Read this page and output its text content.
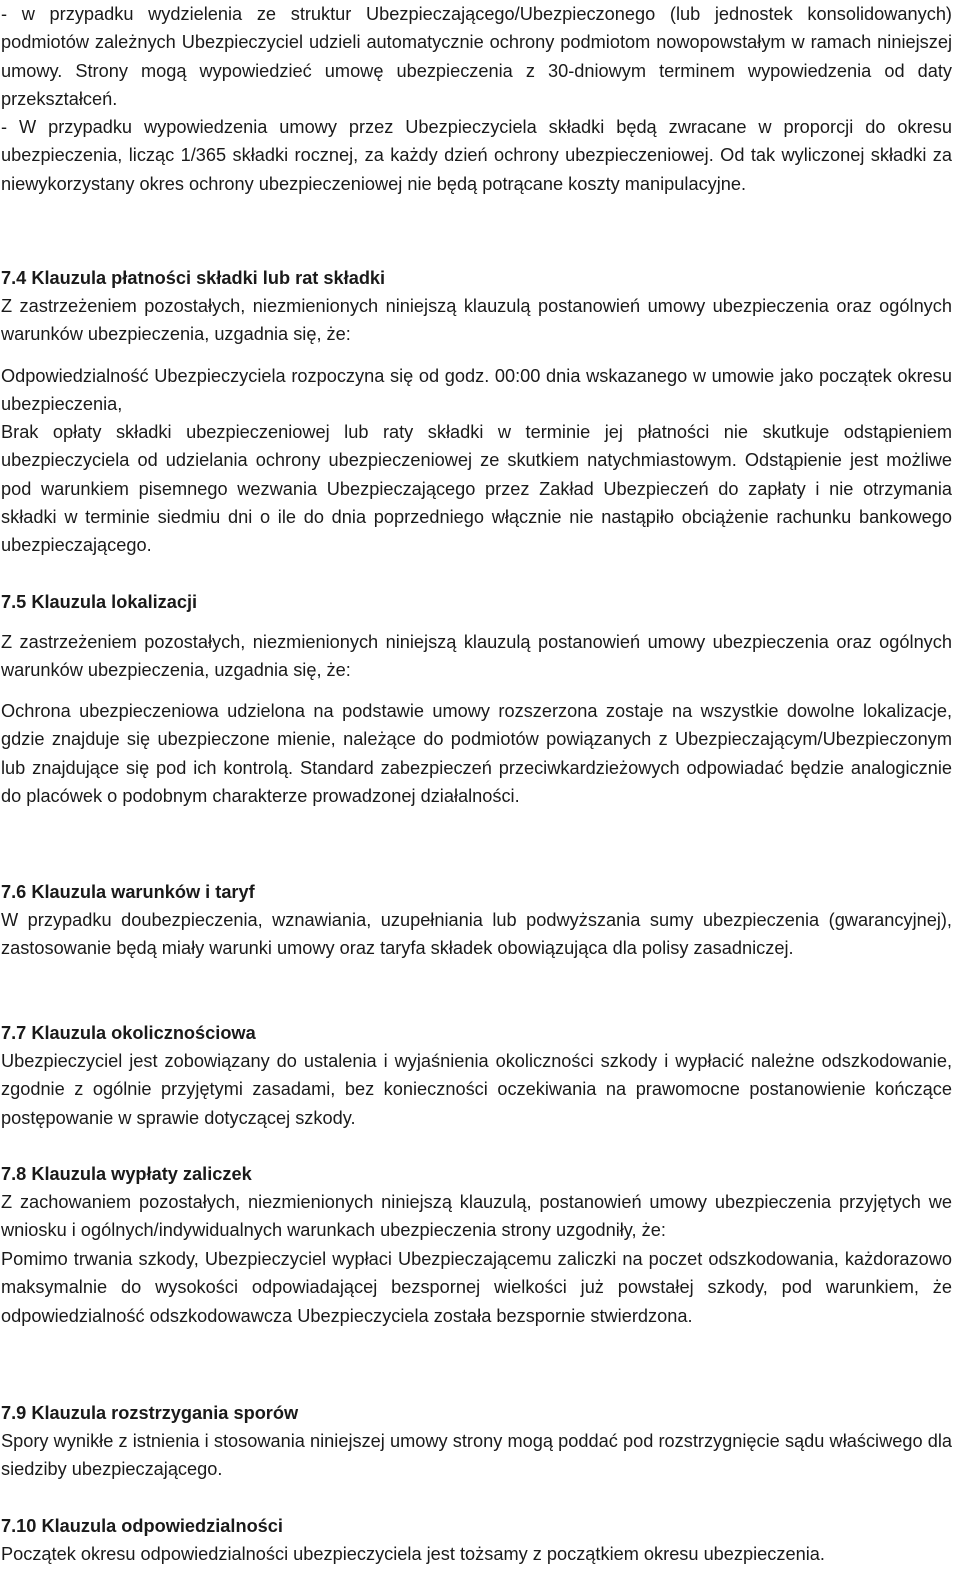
- w przypadku wydzielenia ze struktur Ubezpieczającego/Ubezpieczonego (lub jednostek konsolidowanych) podmiotów zależnych Ubezpieczyciel udzieli automatycznie ochrony podmiotom nowopowstałym w ramach niniejszej umowy. Strony mogą wypowiedzieć umowę ubezpieczenia z 30-dniowym terminem wypowiedzenia od daty przekształceń.

- W przypadku wypowiedzenia umowy przez Ubezpieczyciela składki będą zwracane w proporcji do okresu ubezpieczenia, licząc 1/365 składki rocznej, za każdy dzień ochrony ubezpieczeniowej. Od tak wyliczonej składki za niewykorzystany okres ochrony ubezpieczeniowej nie będą potrącane koszty manipulacyjne.

7.4 Klauzula płatności składki lub rat składki

Z zastrzeżeniem pozostałych, niezmienionych niniejszą klauzulą postanowień umowy ubezpieczenia oraz ogólnych warunków ubezpieczenia, uzgadnia się, że:

Odpowiedzialność Ubezpieczyciela rozpoczyna się od godz. 00:00 dnia wskazanego w umowie jako początek okresu ubezpieczenia,

Brak opłaty składki ubezpieczeniowej lub raty składki w terminie jej płatności nie skutkuje odstąpieniem ubezpieczyciela od udzielania ochrony ubezpieczeniowej ze skutkiem natychmiastowym. Odstąpienie jest możliwe pod warunkiem pisemnego wezwania Ubezpieczającego przez Zakład Ubezpieczeń do zapłaty i nie otrzymania składki w terminie siedmiu dni o ile do dnia poprzedniego włącznie nie nastąpiło obciążenie rachunku bankowego ubezpieczającego.

7.5 Klauzula lokalizacji

Z zastrzeżeniem pozostałych, niezmienionych niniejszą klauzulą postanowień umowy ubezpieczenia oraz ogólnych warunków ubezpieczenia, uzgadnia się, że:

Ochrona ubezpieczeniowa udzielona na podstawie umowy rozszerzona zostaje na wszystkie dowolne lokalizacje, gdzie znajduje się ubezpieczone mienie, należące do podmiotów powiązanych z Ubezpieczającym/Ubezpieczonym lub znajdujące się pod ich kontrolą. Standard zabezpieczeń przeciwkardzieżowych odpowiadać będzie analogicznie do placówek o podobnym charakterze prowadzonej działalności.

7.6 Klauzula warunków i taryf

W przypadku doubezpieczenia, wznawiania, uzupełniania lub podwyższania sumy ubezpieczenia (gwarancyjnej), zastosowanie będą miały warunki umowy oraz taryfa składek obowiązująca dla polisy zasadniczej.

7.7 Klauzula okolicznościowa

Ubezpieczyciel jest zobowiązany do ustalenia i wyjaśnienia okoliczności szkody i wypłacić należne odszkodowanie, zgodnie z ogólnie przyjętymi zasadami, bez konieczności oczekiwania na prawomocne postanowienie kończące postępowanie w sprawie dotyczącej szkody.

7.8 Klauzula wypłaty zaliczek

Z zachowaniem pozostałych, niezmienionych niniejszą klauzulą, postanowień umowy ubezpieczenia przyjętych we wniosku i ogólnych/indywidualnych warunkach ubezpieczenia strony uzgodniły, że:

Pomimo trwania szkody, Ubezpieczyciel wypłaci Ubezpieczającemu zaliczki na poczet odszkodowania, każdorazowo maksymalnie do wysokości odpowiadającej bezspornej wielkości już powstałej szkody, pod warunkiem, że odpowiedzialność odszkodowawcza Ubezpieczyciela została bezspornie stwierdzona.

7.9 Klauzula rozstrzygania sporów

Spory wynikłe z istnienia i stosowania niniejszej umowy strony mogą poddać pod rozstrzygnięcie sądu właściwego dla siedziby ubezpieczającego.

7.10 Klauzula odpowiedzialności

Początek okresu odpowiedzialności ubezpieczyciela jest tożsamy z początkiem okresu ubezpieczenia.
